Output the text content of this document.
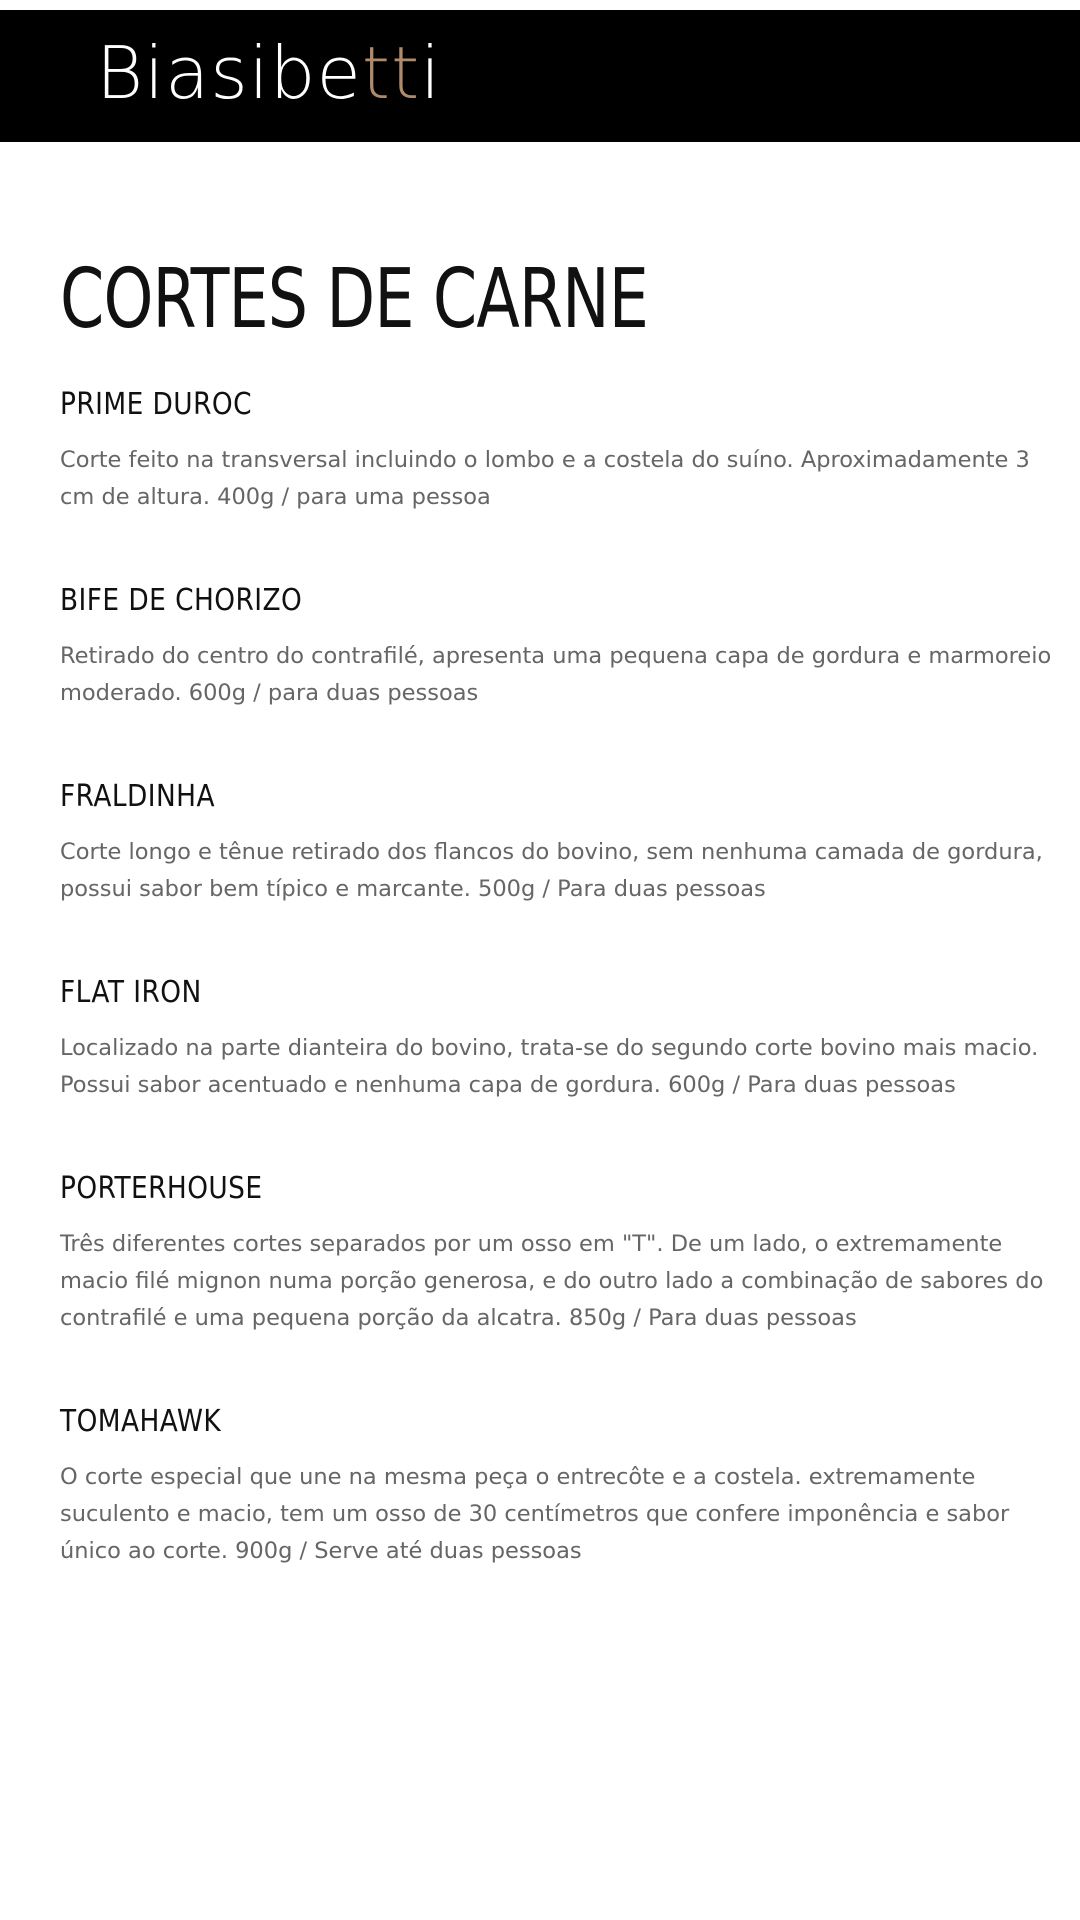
Biasibetti
CORTES DE CARNE
PRIME DUROC

Corte feito na transversal incluindo o lombo e a costela do suíno. Aproximadamente 3 cm de altura. 400g / para uma pessoa

BIFE DE CHORIZO

Retirado do centro do contrafilé, apresenta uma pequena capa de gordura e marmoreio moderado. 600g / para duas pessoas

FRALDINHA

Corte longo e tênue retirado dos flancos do bovino, sem nenhuma camada de gordura, possui sabor bem típico e marcante. 500g / Para duas pessoas

FLAT IRON

Localizado na parte dianteira do bovino, trata-se do segundo corte bovino mais macio. Possui sabor acentuado e nenhuma capa de gordura. 600g / Para duas pessoas

PORTERHOUSE

Três diferentes cortes separados por um osso em "T". De um lado, o extremamente macio filé mignon numa porção generosa, e do outro lado a combinação de sabores do contrafilé e uma pequena porção da alcatra. 850g / Para duas pessoas

TOMAHAWK

O corte especial que une na mesma peça o entrecôte e a costela. extremamente suculento e macio, tem um osso de 30 centímetros que confere imponência e sabor único ao corte. 900g / Serve até duas pessoas
